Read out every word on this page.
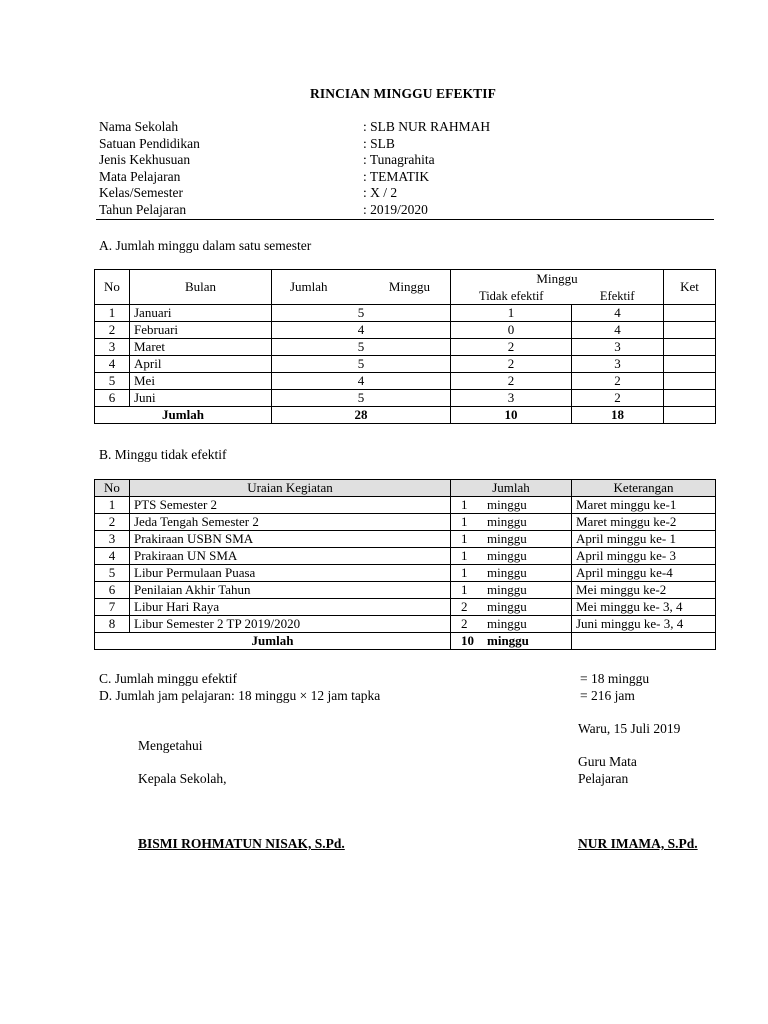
RINCIAN MINGGU EFEKTIF
Nama Sekolah	: SLB NUR RAHMAH
Satuan Pendidikan	: SLB
Jenis Kekhusuan	: Tunagrahita
Mata Pelajaran	: TEMATIK
Kelas/Semester	: X / 2
Tahun Pelajaran	: 2019/2020
A. Jumlah minggu dalam satu semester
No	Bulan	Jumlah Minggu	Minggu		Ket
			Tidak efektif	Efektif	
1	Januari	5	1	4	
2	Februari	4	0	4	
3	Maret	5	2	3	
4	April	5	2	3	
5	Mei	4	2	2	
6	Juni	5	3	2	
Jumlah		28	10	18	
B. Minggu tidak efektif
No	Uraian Kegiatan	Jumlah	Keterangan
1	PTS Semester 2	1 minggu	Maret minggu ke-1
2	Jeda Tengah Semester 2	1 minggu	Maret minggu ke-2
3	Prakiraan USBN SMA	1 minggu	April minggu ke- 1
4	Prakiraan UN SMA	1 minggu	April minggu ke- 3
5	Libur Permulaan Puasa	1 minggu	April minggu ke-4
6	Penilaian Akhir Tahun	1 minggu	Mei minggu ke-2
7	Libur Hari Raya	2 minggu	Mei minggu ke- 3, 4
8	Libur Semester 2 TP 2019/2020	2 minggu	Juni minggu ke- 3, 4
Jumlah		10 minggu	
C. Jumlah minggu efektif	= 18 minggu
D. Jumlah jam pelajaran: 18 minggu × 12 jam tapka	= 216 jam
Waru, 15 Juli 2019
Mengetahui
Guru Mata
Kepala Sekolah,	Pelajaran
BISMI ROHMATUN NISAK, S.Pd.	NUR IMAMA, S.Pd.
